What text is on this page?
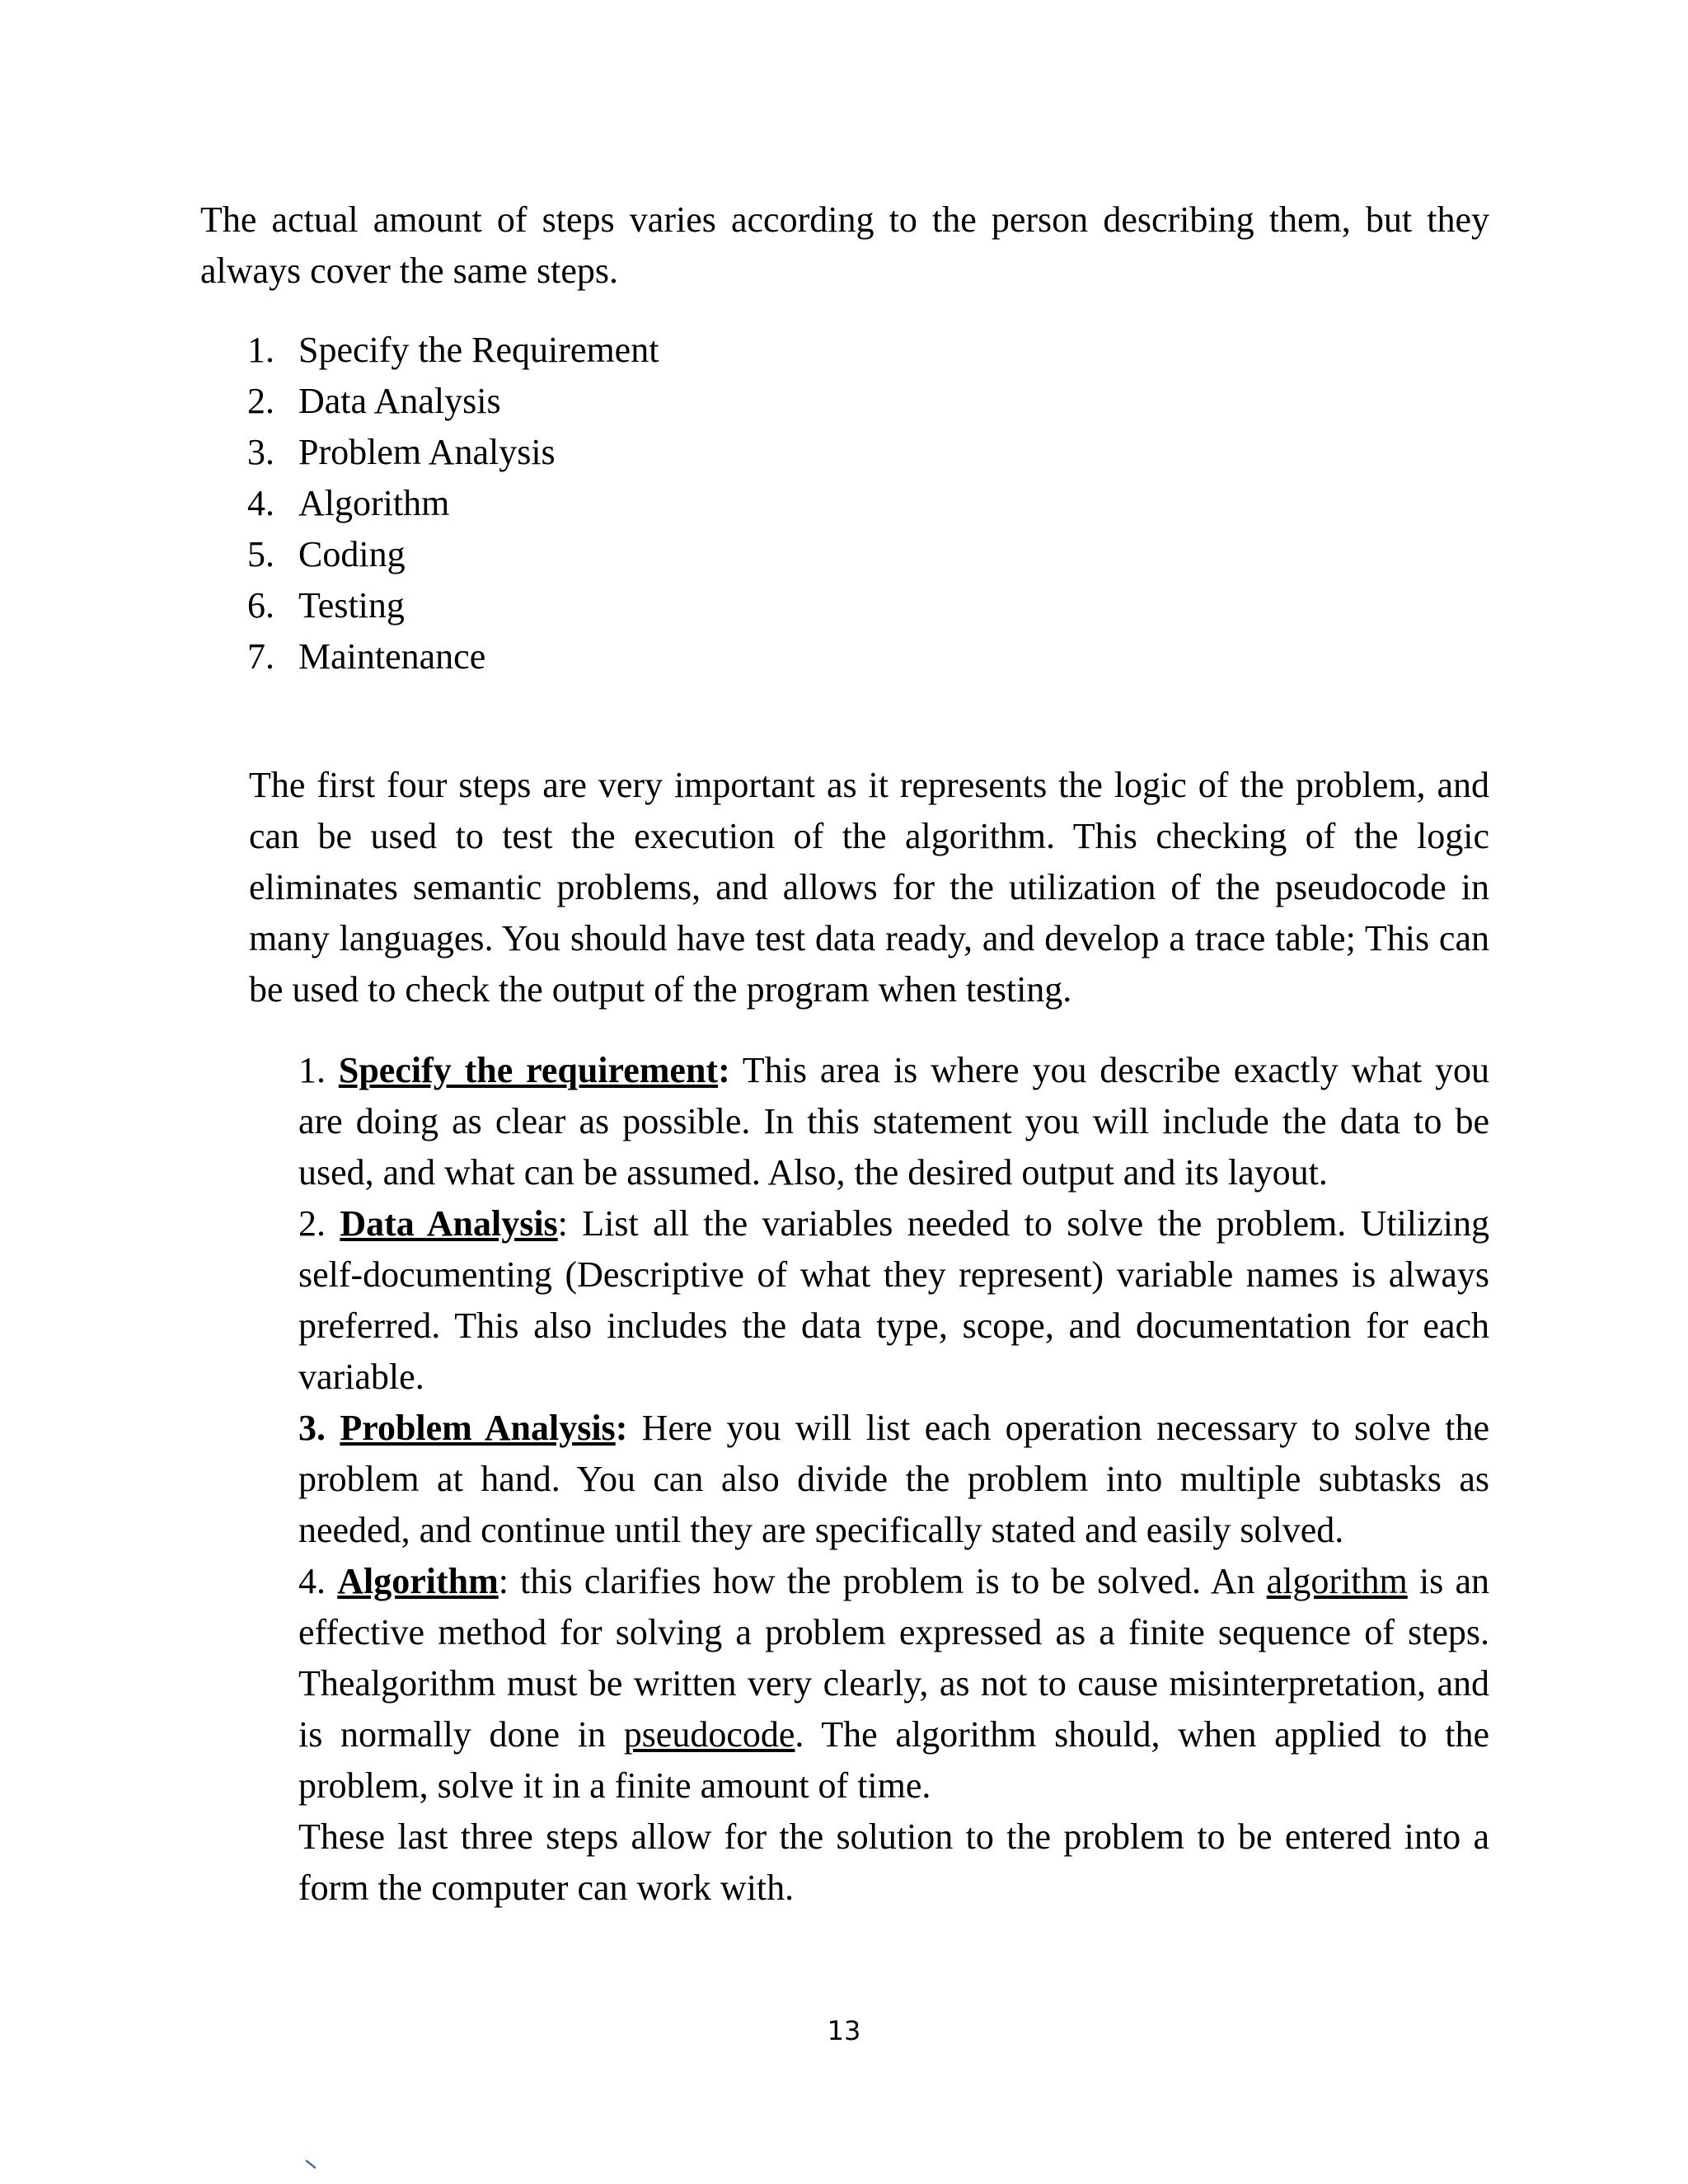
The actual amount of steps varies according to the person describing them, but they always cover the same steps.

1. Specify the Requirement
2. Data Analysis
3. Problem Analysis
4. Algorithm
5. Coding
6. Testing
7. Maintenance

The first four steps are very important as it represents the logic of the problem, and can be used to test the execution of the algorithm. This checking of the logic eliminates semantic problems, and allows for the utilization of the pseudocode in many languages. You should have test data ready, and develop a trace table; This can be used to check the output of the program when testing.

1. Specify the requirement: This area is where you describe exactly what you are doing as clear as possible. In this statement you will include the data to be used, and what can be assumed. Also, the desired output and its layout.

2. Data Analysis: List all the variables needed to solve the problem. Utilizing self-documenting (Descriptive of what they represent) variable names is always preferred. This also includes the data type, scope, and documentation for each variable.

3. Problem Analysis: Here you will list each operation necessary to solve the problem at hand. You can also divide the problem into multiple subtasks as needed, and continue until they are specifically stated and easily solved.

4. Algorithm: this clarifies how the problem is to be solved. An algorithm is an effective method for solving a problem expressed as a finite sequence of steps. Thealgorithm must be written very clearly, as not to cause misinterpretation, and is normally done in pseudocode. The algorithm should, when applied to the problem, solve it in a finite amount of time.

These last three steps allow for the solution to the problem to be entered into a form the computer can work with.

13
